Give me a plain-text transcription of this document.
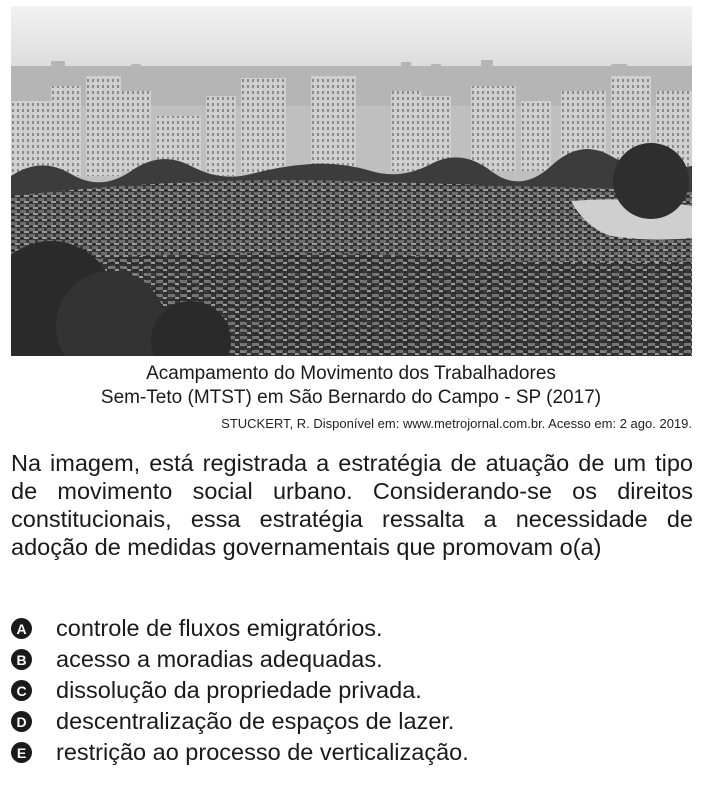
Acampamento do Movimento dos Trabalhadores
Sem-Teto (MTST) em São Bernardo do Campo - SP (2017)
STUCKERT, R. Disponível em: www.metrojornal.com.br. Acesso em: 2 ago. 2019.
Na imagem, está registrada a estratégia de atuação de um tipo de movimento social urbano. Considerando-se os direitos constitucionais, essa estratégia ressalta a necessidade de adoção de medidas governamentais que promovam o(a)
A controle de fluxos emigratórios.
B acesso a moradias adequadas.
C dissolução da propriedade privada.
D descentralização de espaços de lazer.
E restrição ao processo de verticalização.
